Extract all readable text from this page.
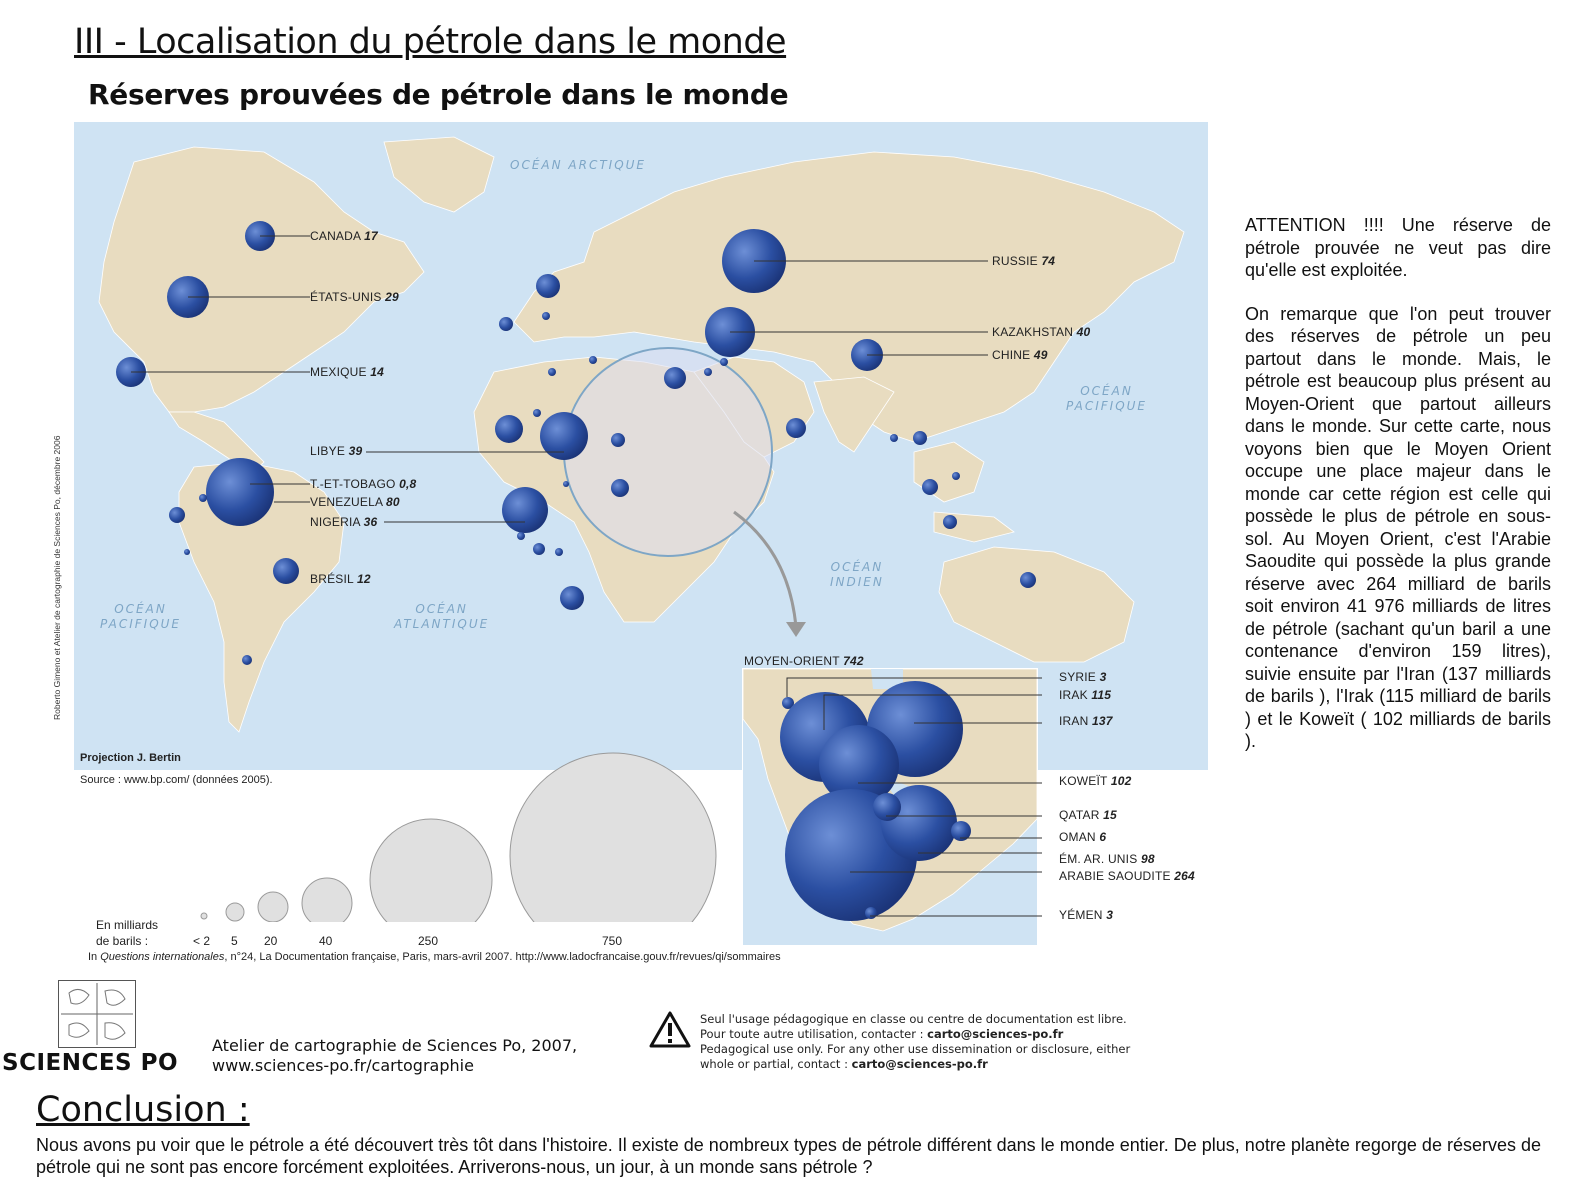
III - Localisation du pétrole dans le monde
Réserves prouvées de pétrole dans le monde
OCÉAN ARCTIQUE
OCÉAN
PACIFIQUE
OCÉAN
INDIEN
OCÉAN
ATLANTIQUE
OCÉAN
PACIFIQUE
CANADA 17
ÉTATS-UNIS 29
MEXIQUE 14
LIBYE 39
T.-ET-TOBAGO 0,8
VENEZUELA 80
NIGERIA 36
BRÉSIL 12
RUSSIE 74
KAZAKHSTAN 40
CHINE 49
Roberto Gimeno et Atelier de cartographie de Sciences Po, décembre 2006
Projection J. Bertin
Source : www.bp.com/ (données 2005).
MOYEN-ORIENT 742
SYRIE 3
IRAK 115
IRAN 137
KOWEÏT 102
QATAR 15
OMAN 6
ÉM. AR. UNIS 98
ARABIE SAOUDITE 264
YÉMEN 3
En milliards
de barils :	< 2 5 20	40	250	750
In Questions internationales, n°24, La Documentation française, Paris, mars-avril 2007. http://www.ladocfrancaise.gouv.fr/revues/qi/sommaires
SCIENCES PO
Atelier de cartographie de Sciences Po, 2007,
www.sciences-po.fr/cartographie
Seul l'usage pédagogique en classe ou centre de documentation est libre.
Pour toute autre utilisation, contacter : carto@sciences-po.fr
Pedagogical use only. For any other use dissemination or disclosure, either
whole or partial, contact : carto@sciences-po.fr

ATTENTION !!!! Une réserve de pétrole prouvée ne veut pas dire qu'elle est exploitée.

On remarque que l'on peut trouver des réserves de pétrole un peu partout dans le monde. Mais, le pétrole est beaucoup plus présent au Moyen-Orient que partout ailleurs dans le monde. Sur cette carte, nous voyons bien que le Moyen Orient occupe une place majeur dans le monde car cette région est celle qui possède le plus de pétrole en sous-sol. Au Moyen Orient, c'est l'Arabie Saoudite qui possède la plus grande réserve avec 264 milliard de barils soit environ 41 976 milliards de litres de pétrole (sachant qu'un baril a une contenance d'environ 159 litres), suivie ensuite par l'Iran (137 milliards de barils ), l'Irak (115 milliard de barils ) et le Koweït ( 102 milliards de barils ).

Conclusion :
Nous avons pu voir que le pétrole a été découvert très tôt dans l'histoire. Il existe de nombreux types de pétrole différent dans le monde entier. De plus, notre planète regorge de réserves de pétrole qui ne sont pas encore forcément exploitées. Arriverons-nous, un jour, à un monde sans pétrole ?
